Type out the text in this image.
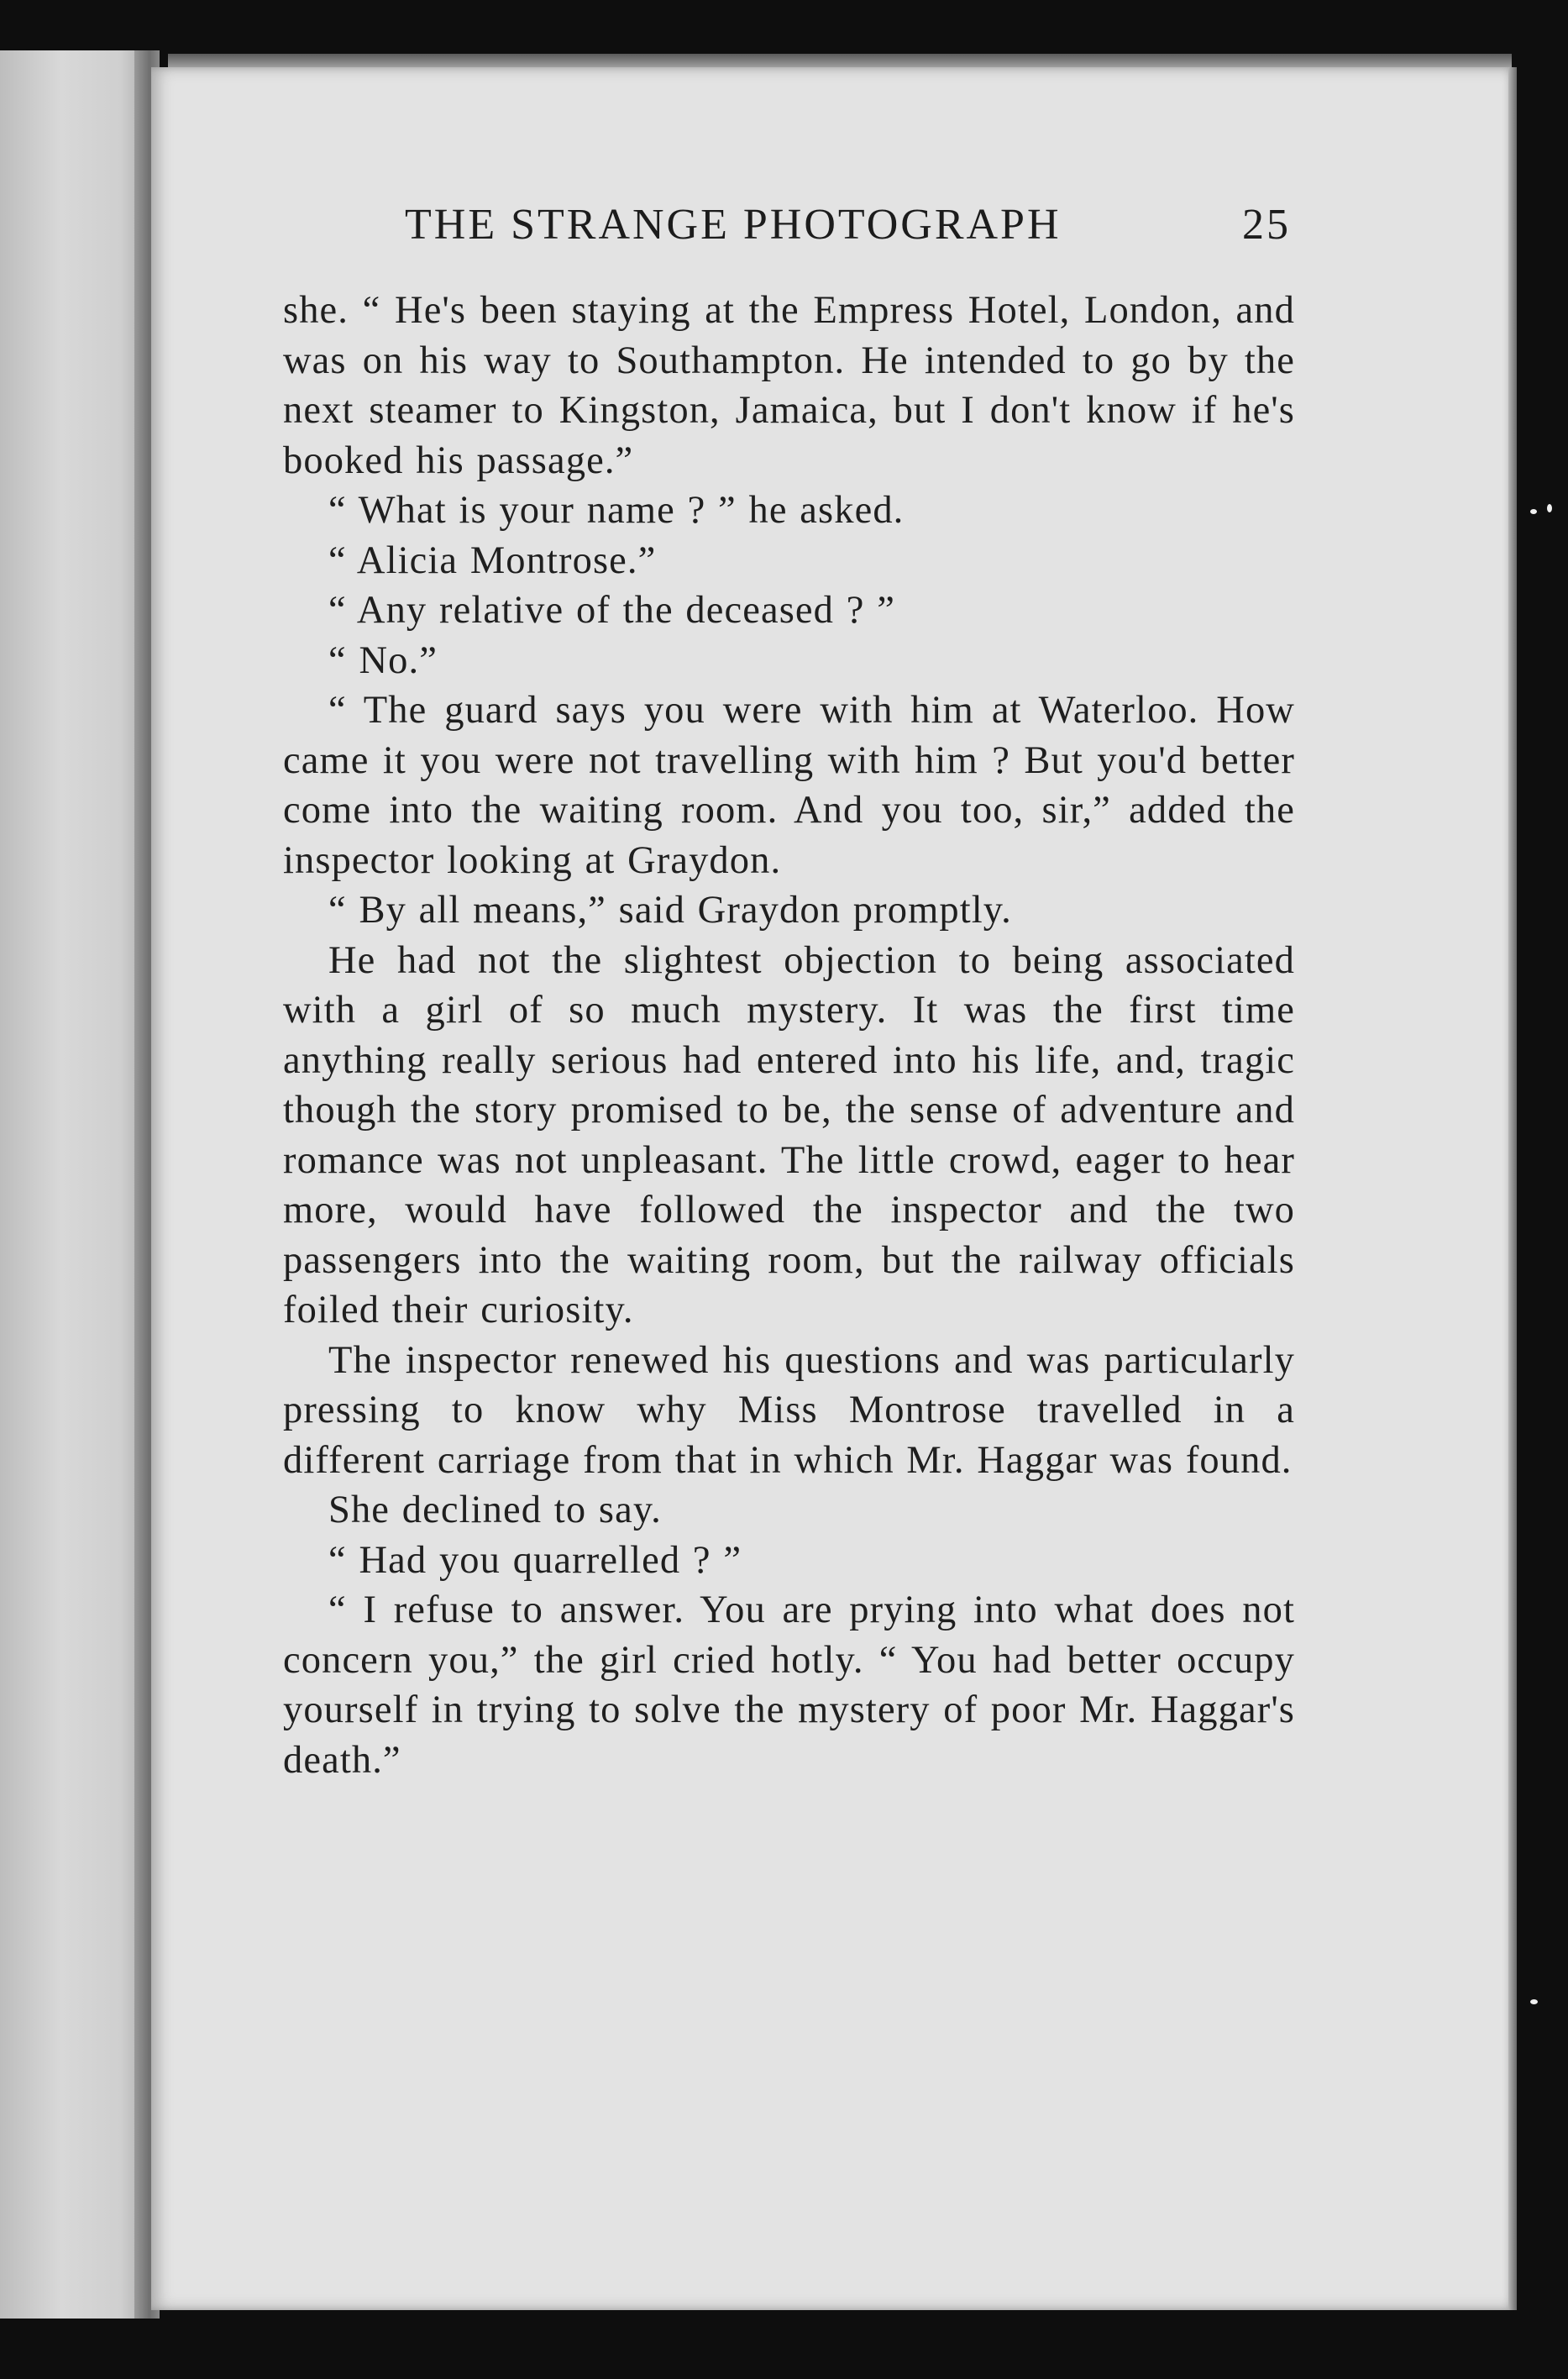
THE STRANGE PHOTOGRAPH	25

she. “ He's been staying at the Empress Hotel, London, and was on his way to Southampton. He intended to go by the next steamer to Kingston, Jamaica, but I don't know if he's booked his passage.”

“ What is your name ? ” he asked.

“ Alicia Montrose.”

“ Any relative of the deceased ? ”

“ No.”

“ The guard says you were with him at Waterloo. How came it you were not travelling with him ? But you'd better come into the waiting room. And you too, sir,” added the inspector looking at Graydon.

“ By all means,” said Graydon promptly.

He had not the slightest objection to being associated with a girl of so much mystery. It was the first time anything really serious had entered into his life, and, tragic though the story promised to be, the sense of adventure and romance was not unpleasant. The little crowd, eager to hear more, would have followed the inspector and the two passengers into the waiting room, but the railway officials foiled their curiosity.

The inspector renewed his questions and was particularly pressing to know why Miss Montrose travelled in a different carriage from that in which Mr. Haggar was found.

She declined to say.

“ Had you quarrelled ? ”

“ I refuse to answer. You are prying into what does not concern you,” the girl cried hotly. “ You had better occupy yourself in trying to solve the mystery of poor Mr. Haggar's death.”
